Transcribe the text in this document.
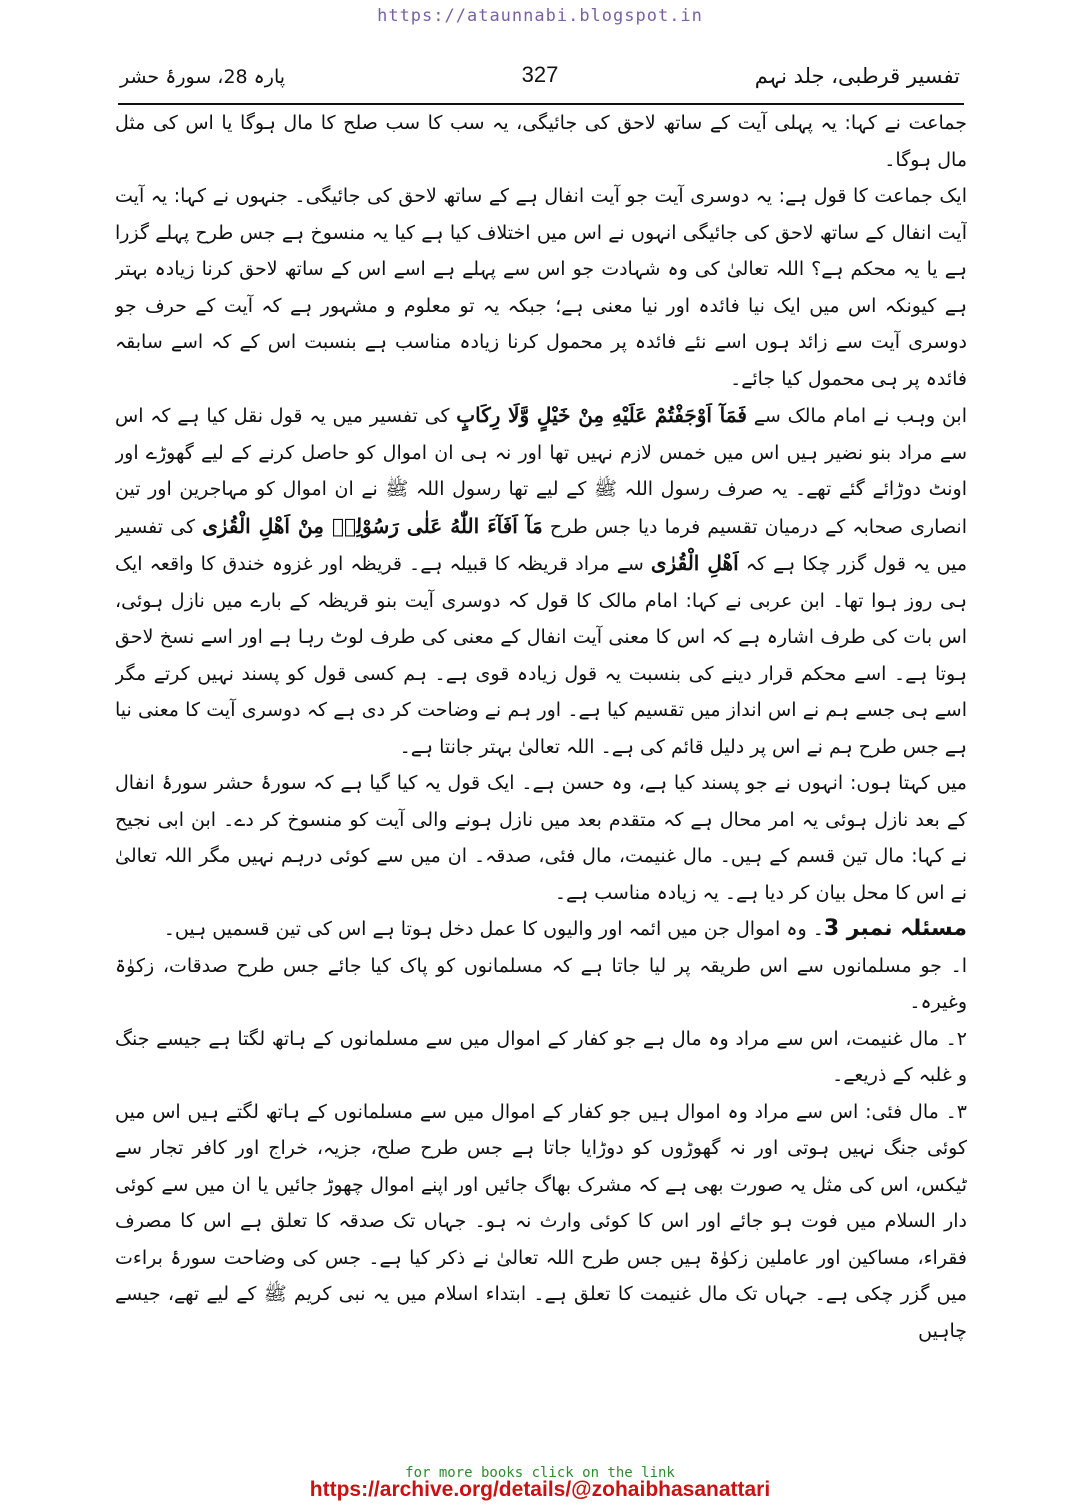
https://ataunnabi.blogspot.in
تفسیر قرطبی، جلد نہم
327
پارہ 28، سورۂ حشر

جماعت نے کہا: یہ پہلی آیت کے ساتھ لاحق کی جائیگی، یہ سب کا سب صلح کا مال ہوگا یا اس کی مثل مال ہوگا۔

ایک جماعت کا قول ہے: یہ دوسری آیت جو آیت انفال ہے کے ساتھ لاحق کی جائیگی۔ جنہوں نے کہا: یہ آیت آیت انفال کے ساتھ لاحق کی جائیگی انہوں نے اس میں اختلاف کیا ہے کیا یہ منسوخ ہے جس طرح پہلے گزرا ہے یا یہ محکم ہے؟ اللہ تعالیٰ کی وہ شہادت جو اس سے پہلے ہے اسے اس کے ساتھ لاحق کرنا زیادہ بہتر ہے کیونکہ اس میں ایک نیا فائدہ اور نیا معنی ہے؛ جبکہ یہ تو معلوم و مشہور ہے کہ آیت کے حرف جو دوسری آیت سے زائد ہوں اسے نئے فائدہ پر محمول کرنا زیادہ مناسب ہے بنسبت اس کے کہ اسے سابقہ فائدہ پر ہی محمول کیا جائے۔

ابن وہب نے امام مالک سے فَمَآ اَوْجَفْتُمْ عَلَيْهِ مِنْ خَيْلٍ وَّلَا رِكَابٍ کی تفسیر میں یہ قول نقل کیا ہے کہ اس سے مراد بنو نضیر ہیں اس میں خمس لازم نہیں تھا اور نہ ہی ان اموال کو حاصل کرنے کے لیے گھوڑے اور اونٹ دوڑائے گئے تھے۔ یہ صرف رسول اللہ ﷺ کے لیے تھا رسول اللہ ﷺ نے ان اموال کو مہاجرین اور تین انصاری صحابہ کے درمیان تقسیم فرما دیا جس طرح مَآ اَفَآءَ اللّٰهُ عَلٰى رَسُوْلِهٖ مِنْ اَهْلِ الْقُرٰى کی تفسیر میں یہ قول گزر چکا ہے کہ اَهْلِ الْقُرٰى سے مراد قریظہ کا قبیلہ ہے۔ قریظہ اور غزوہ خندق کا واقعہ ایک ہی روز ہوا تھا۔ ابن عربی نے کہا: امام مالک کا قول کہ دوسری آیت بنو قریظہ کے بارے میں نازل ہوئی، اس بات کی طرف اشارہ ہے کہ اس کا معنی آیت انفال کے معنی کی طرف لوٹ رہا ہے اور اسے نسخ لاحق ہوتا ہے۔ اسے محکم قرار دینے کی بنسبت یہ قول زیادہ قوی ہے۔ ہم کسی قول کو پسند نہیں کرتے مگر اسے ہی جسے ہم نے اس انداز میں تقسیم کیا ہے۔ اور ہم نے وضاحت کر دی ہے کہ دوسری آیت کا معنی نیا ہے جس طرح ہم نے اس پر دلیل قائم کی ہے۔ اللہ تعالیٰ بہتر جانتا ہے۔

میں کہتا ہوں: انہوں نے جو پسند کیا ہے، وہ حسن ہے۔ ایک قول یہ کیا گیا ہے کہ سورۂ حشر سورۂ انفال کے بعد نازل ہوئی یہ امر محال ہے کہ متقدم بعد میں نازل ہونے والی آیت کو منسوخ کر دے۔ ابن ابی نجیح نے کہا: مال تین قسم کے ہیں۔ مال غنیمت، مال فئی، صدقہ۔ ان میں سے کوئی درہم نہیں مگر اللہ تعالیٰ نے اس کا محل بیان کر دیا ہے۔ یہ زیادہ مناسب ہے۔

مسئلہ نمبر 3۔ وہ اموال جن میں ائمہ اور والیوں کا عمل دخل ہوتا ہے اس کی تین قسمیں ہیں۔

ا۔ جو مسلمانوں سے اس طریقہ پر لیا جاتا ہے کہ مسلمانوں کو پاک کیا جائے جس طرح صدقات، زکوٰۃ وغیرہ۔

۲۔ مال غنیمت، اس سے مراد وہ مال ہے جو کفار کے اموال میں سے مسلمانوں کے ہاتھ لگتا ہے جیسے جنگ و غلبہ کے ذریعے۔

۳۔ مال فئی: اس سے مراد وہ اموال ہیں جو کفار کے اموال میں سے مسلمانوں کے ہاتھ لگتے ہیں اس میں کوئی جنگ نہیں ہوتی اور نہ گھوڑوں کو دوڑایا جاتا ہے جس طرح صلح، جزیہ، خراج اور کافر تجار سے ٹیکس، اس کی مثل یہ صورت بھی ہے کہ مشرک بھاگ جائیں اور اپنے اموال چھوڑ جائیں یا ان میں سے کوئی دار السلام میں فوت ہو جائے اور اس کا کوئی وارث نہ ہو۔ جہاں تک صدقہ کا تعلق ہے اس کا مصرف فقراء، مساکین اور عاملین زکوٰۃ ہیں جس طرح اللہ تعالیٰ نے ذکر کیا ہے۔ جس کی وضاحت سورۂ براءت میں گزر چکی ہے۔ جہاں تک مال غنیمت کا تعلق ہے۔ ابتداء اسلام میں یہ نبی کریم ﷺ کے لیے تھے، جیسے چاہیں

for more books click on the link
https://archive.org/details/@zohaibhasanattari
